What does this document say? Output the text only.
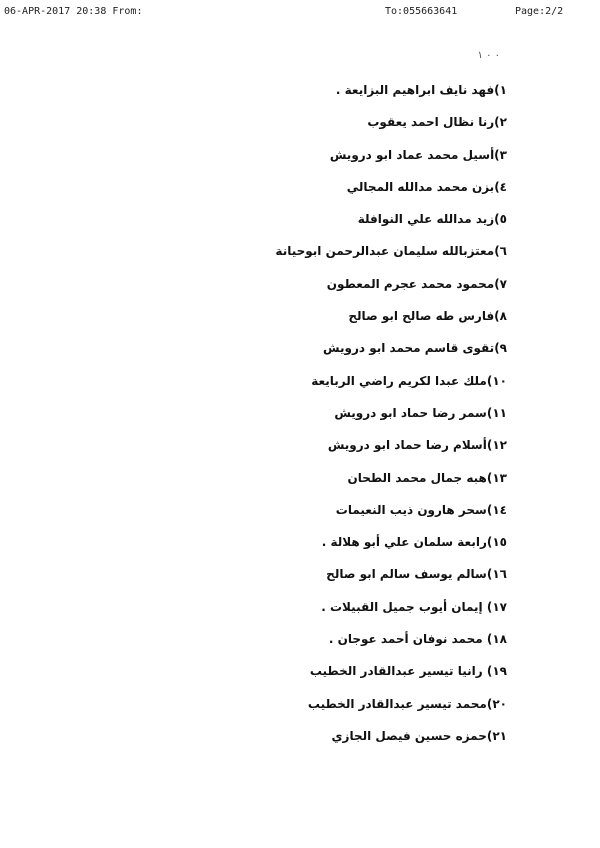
06-APR-2017 20:38 From:	To:055663641	Page:2/2
٠ ٠ ١
١)فهد نايف ابراهيم البزايعة .
٢)رنا نظال احمد يعقوب
٣)أسيل محمد عماد ابو درويش
٤)بزن محمد مدالله المجالي
٥)زيد مدالله علي النوافلة
٦)معتزبالله سليمان عبدالرحمن ابوحيانة
٧)محمود محمد عجرم المعطون
٨)فارس طه صالح ابو صالح
٩)تقوى قاسم محمد ابو درويش
١٠)ملك عبدا لكريم راضي الربايعة
١١)سمر رضا حماد ابو درويش
١٢)أسلام رضا حماد ابو درويش
١٣)هبه جمال محمد الطحان
١٤)سحر هارون ذيب النعيمات
١٥)رابعة سلمان علي أبو هلالة .
١٦)سالم يوسف سالم ابو صالح
١٧) إيمان أيوب جميل القبيلات .
١٨) محمد نوفان أحمد عوجان .
١٩) رانيا تيسير عبدالقادر الخطيب
٢٠)محمد تيسير عبدالقادر الخطيب
٢١)حمزه حسين فيصل الجازي
